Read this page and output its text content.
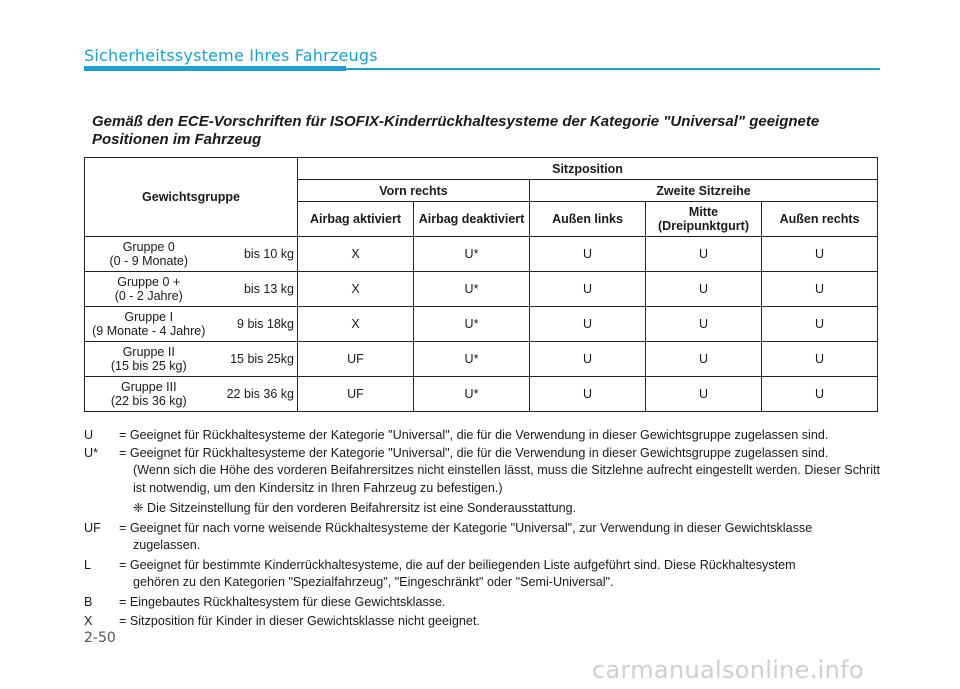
Sicherheitssysteme Ihres Fahrzeugs
Gemäß den ECE-Vorschriften für ISOFIX-Kinderrückhaltesysteme der Kategorie "Universal" geeignete Positionen im Fahrzeug
Gewichtsgruppe		Sitzposition				
		Vorn rechts		Zweite Sitzreihe		
		Airbag aktiviert	Airbag deaktiviert	Außen links	Mitte (Dreipunktgurt)	Außen rechts

Gruppe 0
(0 - 9 Monate)	bis 10 kg	X	U*	U	U	U

Gruppe 0 +
(0 - 2 Jahre)	bis 13 kg	X	U*	U	U	U

Gruppe I
(9 Monate - 4 Jahre)	9 bis 18kg	X	U*	U	U	U

Gruppe II
(15 bis 25 kg)	15 bis 25kg	UF	U*	U	U	U

Gruppe III
(22 bis 36 kg)	22 bis 36 kg	UF	U*	U	U	U
U	= Geeignet für Rückhaltesysteme der Kategorie "Universal", die für die Verwendung in dieser Gewichtsgruppe zugelassen sind.
U*	= Geeignet für Rückhaltesysteme der Kategorie "Universal", die für die Verwendung in dieser Gewichtsgruppe zugelassen sind.
(Wenn sich die Höhe des vorderen Beifahrersitzes nicht einstellen lässt, muss die Sitzlehne aufrecht eingestellt werden. Dieser Schritt ist notwendig, um den Kindersitz in Ihren Fahrzeug zu befestigen.)
❈ Die Sitzeinstellung für den vorderen Beifahrersitz ist eine Sonderausstattung.
UF	= Geeignet für nach vorne weisende Rückhaltesysteme der Kategorie "Universal", zur Verwendung in dieser Gewichtsklasse
zugelassen.
L	= Geeignet für bestimmte Kinderrückhaltesysteme, die auf der beiliegenden Liste aufgeführt sind. Diese Rückhaltesystem
gehören zu den Kategorien "Spezialfahrzeug", "Eingeschränkt" oder "Semi-Universal".
B	= Eingebautes Rückhaltesystem für diese Gewichtsklasse.
X	= Sitzposition für Kinder in dieser Gewichtsklasse nicht geeignet.
2-50
carmanualsonline.info
